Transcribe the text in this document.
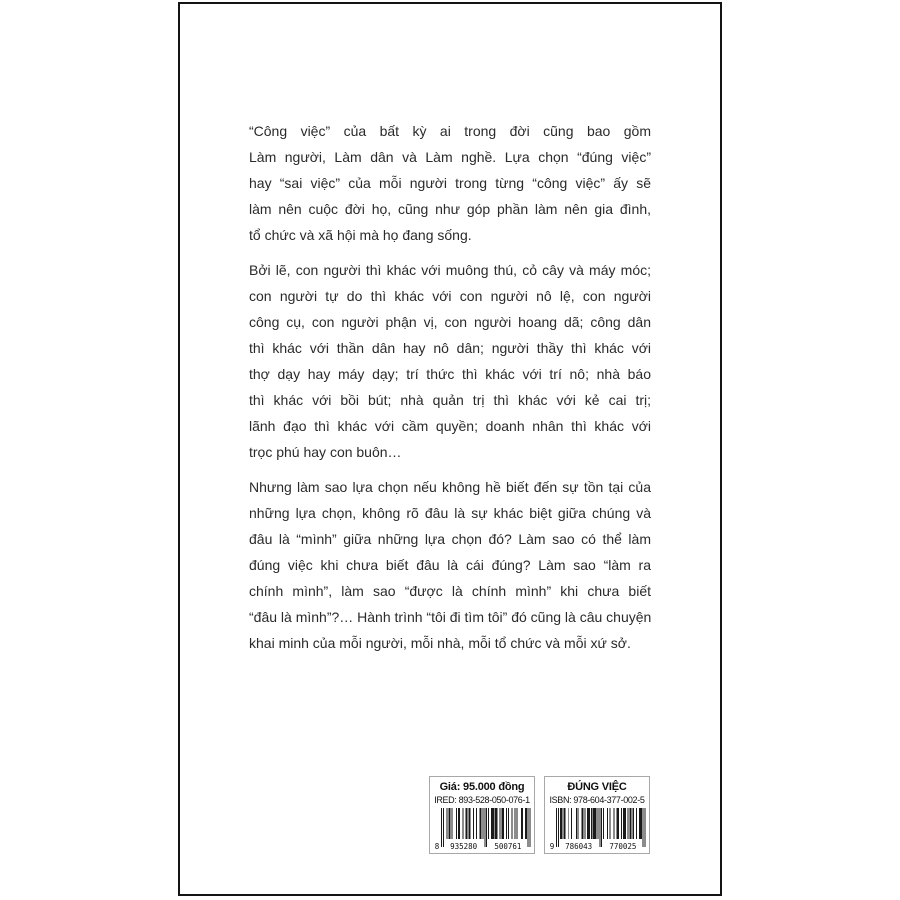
“Công việc” của bất kỳ ai trong đời cũng bao gồm
Làm người, Làm dân và Làm nghề. Lựa chọn “đúng việc”
hay “sai việc” của mỗi người trong từng “công việc” ấy sẽ
làm nên cuộc đời họ, cũng như góp phần làm nên gia đình,
tổ chức và xã hội mà họ đang sống.
Bởi lẽ, con người thì khác với muông thú, cỏ cây và máy móc;
con người tự do thì khác với con người nô lệ, con người
công cụ, con người phận vị, con người hoang dã; công dân
thì khác với thần dân hay nô dân; người thầy thì khác với
thợ dạy hay máy dạy; trí thức thì khác với trí nô; nhà báo
thì khác với bồi bút; nhà quản trị thì khác với kẻ cai trị;
lãnh đạo thì khác với cầm quyền; doanh nhân thì khác với
trọc phú hay con buôn…
Nhưng làm sao lựa chọn nếu không hề biết đến sự tồn tại của
những lựa chọn, không rõ đâu là sự khác biệt giữa chúng và
đâu là “mình” giữa những lựa chọn đó? Làm sao có thể làm
đúng việc khi chưa biết đâu là cái đúng? Làm sao “làm ra
chính mình”, làm sao “được là chính mình” khi chưa biết
“đâu là mình”?… Hành trình “tôi đi tìm tôi” đó cũng là câu chuyện
khai minh của mỗi người, mỗi nhà, mỗi tổ chức và mỗi xứ sở.
Giá: 95.000 đồng
IRED: 893-528-050-076-1
8 935280 500761
ĐÚNG VIỆC
ISBN: 978-604-377-002-5
9 786043 770025
